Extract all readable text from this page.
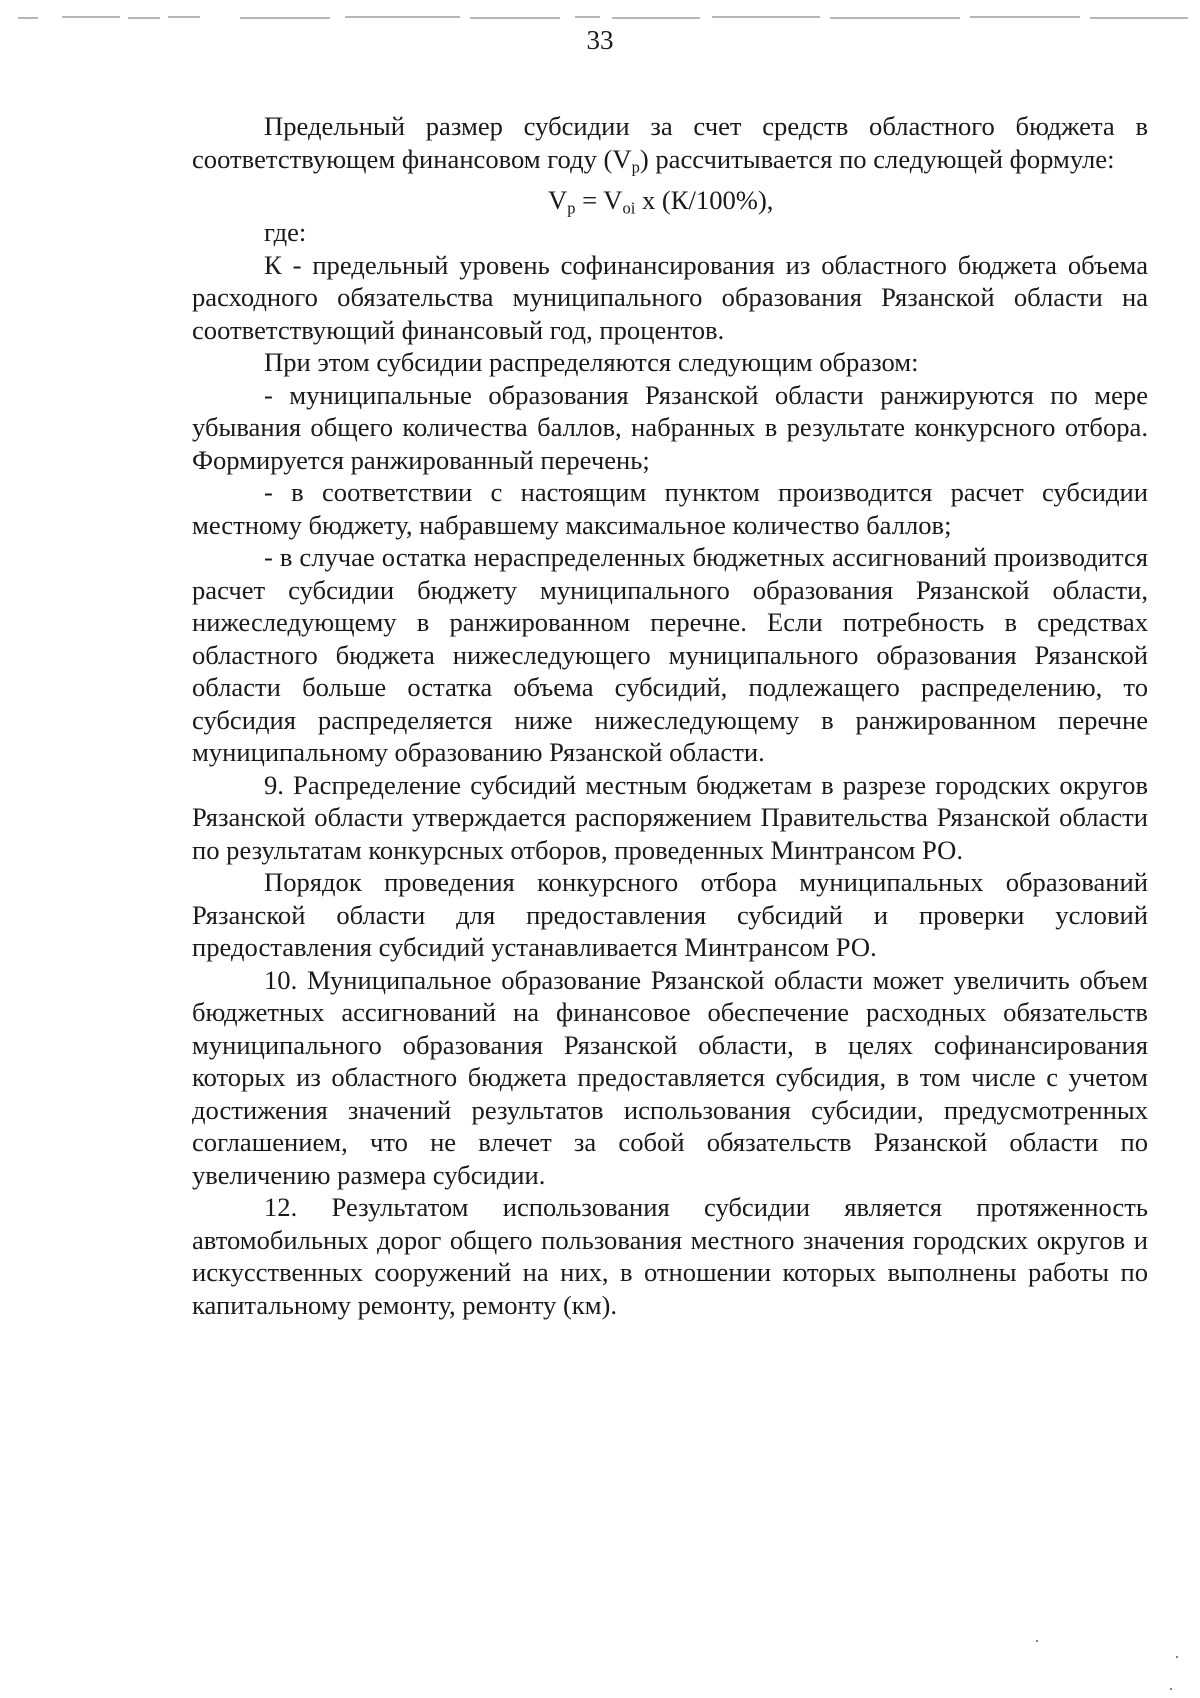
33

Предельный размер субсидии за счет средств областного бюджета в соответствующем финансовом году (Vp) рассчитывается по следующей формуле:

$V_p = V_{oi}$ x (К/100%),

где:

К - предельный уровень софинансирования из областного бюджета объема расходного обязательства муниципального образования Рязанской области на соответствующий финансовый год, процентов.

При этом субсидии распределяются следующим образом:

- муниципальные образования Рязанской области ранжируются по мере убывания общего количества баллов, набранных в результате конкурсного отбора. Формируется ранжированный перечень;

- в соответствии с настоящим пунктом производится расчет субсидии местному бюджету, набравшему максимальное количество баллов;

- в случае остатка нераспределенных бюджетных ассигнований производится расчет субсидии бюджету муниципального образования Рязанской области, нижеследующему в ранжированном перечне. Если потребность в средствах областного бюджета нижеследующего муниципального образования Рязанской области больше остатка объема субсидий, подлежащего распределению, то субсидия распределяется ниже нижеследующему в ранжированном перечне муниципальному образованию Рязанской области.

9. Распределение субсидий местным бюджетам в разрезе городских округов Рязанской области утверждается распоряжением Правительства Рязанской области по результатам конкурсных отборов, проведенных Минтрансом РО.

Порядок проведения конкурсного отбора муниципальных образований Рязанской области для предоставления субсидий и проверки условий предоставления субсидий устанавливается Минтрансом РО.

10. Муниципальное образование Рязанской области может увеличить объем бюджетных ассигнований на финансовое обеспечение расходных обязательств муниципального образования Рязанской области, в целях софинансирования которых из областного бюджета предоставляется субсидия, в том числе с учетом достижения значений результатов использования субсидии, предусмотренных соглашением, что не влечет за собой обязательств Рязанской области по увеличению размера субсидии.

12. Результатом использования субсидии является протяженность автомобильных дорог общего пользования местного значения городских округов и искусственных сооружений на них, в отношении которых выполнены работы по капитальному ремонту, ремонту (км).
